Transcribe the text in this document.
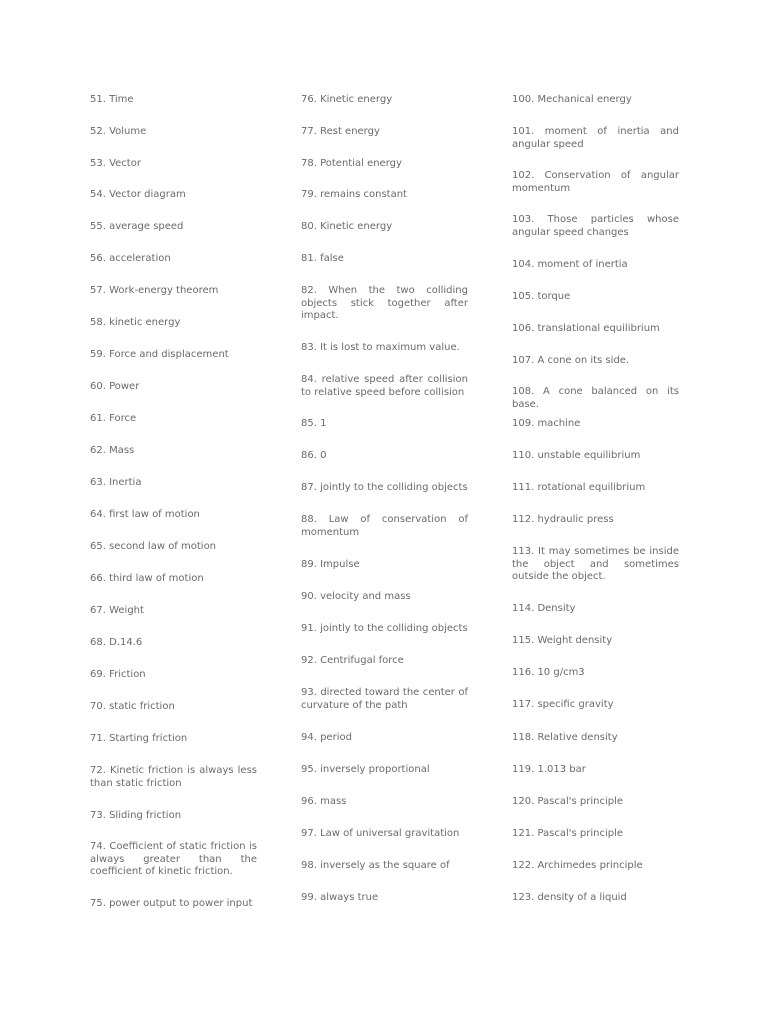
51. Time
52. Volume
53. Vector
54. Vector diagram
55. average speed
56. acceleration
57. Work-energy theorem
58. kinetic energy
59. Force and displacement
60. Power
61. Force
62. Mass
63. Inertia
64. first law of motion
65. second law of motion
66. third law of motion
67. Weight
68. D.14.6
69. Friction
70. static friction
71. Starting friction
72. Kinetic friction is always less than static friction
73. Sliding friction
74. Coefficient of static friction is always greater than the coefficient of kinetic friction.
75. power output to power input
76. Kinetic energy
77. Rest energy
78. Potential energy
79. remains constant
80. Kinetic energy
81. false
82. When the two colliding objects stick together after impact.
83. It is lost to maximum value.
84. relative speed after collision to relative speed before collision
85. 1
86. 0
87. jointly to the colliding objects
88. Law of conservation of momentum
89. Impulse
90. velocity and mass
91. jointly to the colliding objects
92. Centrifugal force
93. directed toward the center of curvature of the path
94. period
95. inversely proportional
96. mass
97. Law of universal gravitation
98. inversely as the square of
99. always true
100. Mechanical energy
101. moment of inertia and angular speed
102. Conservation of angular momentum
103. Those particles whose angular speed changes
104. moment of inertia
105. torque
106. translational equilibrium
107. A cone on its side.
108. A cone balanced on its base.
109. machine
110. unstable equilibrium
111. rotational equilibrium
112. hydraulic press
113. It may sometimes be inside the object and sometimes outside the object.
114. Density
115. Weight density
116. 10 g/cm3
117. specific gravity
118. Relative density
119. 1.013 bar
120. Pascal's principle
121. Pascal's principle
122. Archimedes principle
123. density of a liquid
